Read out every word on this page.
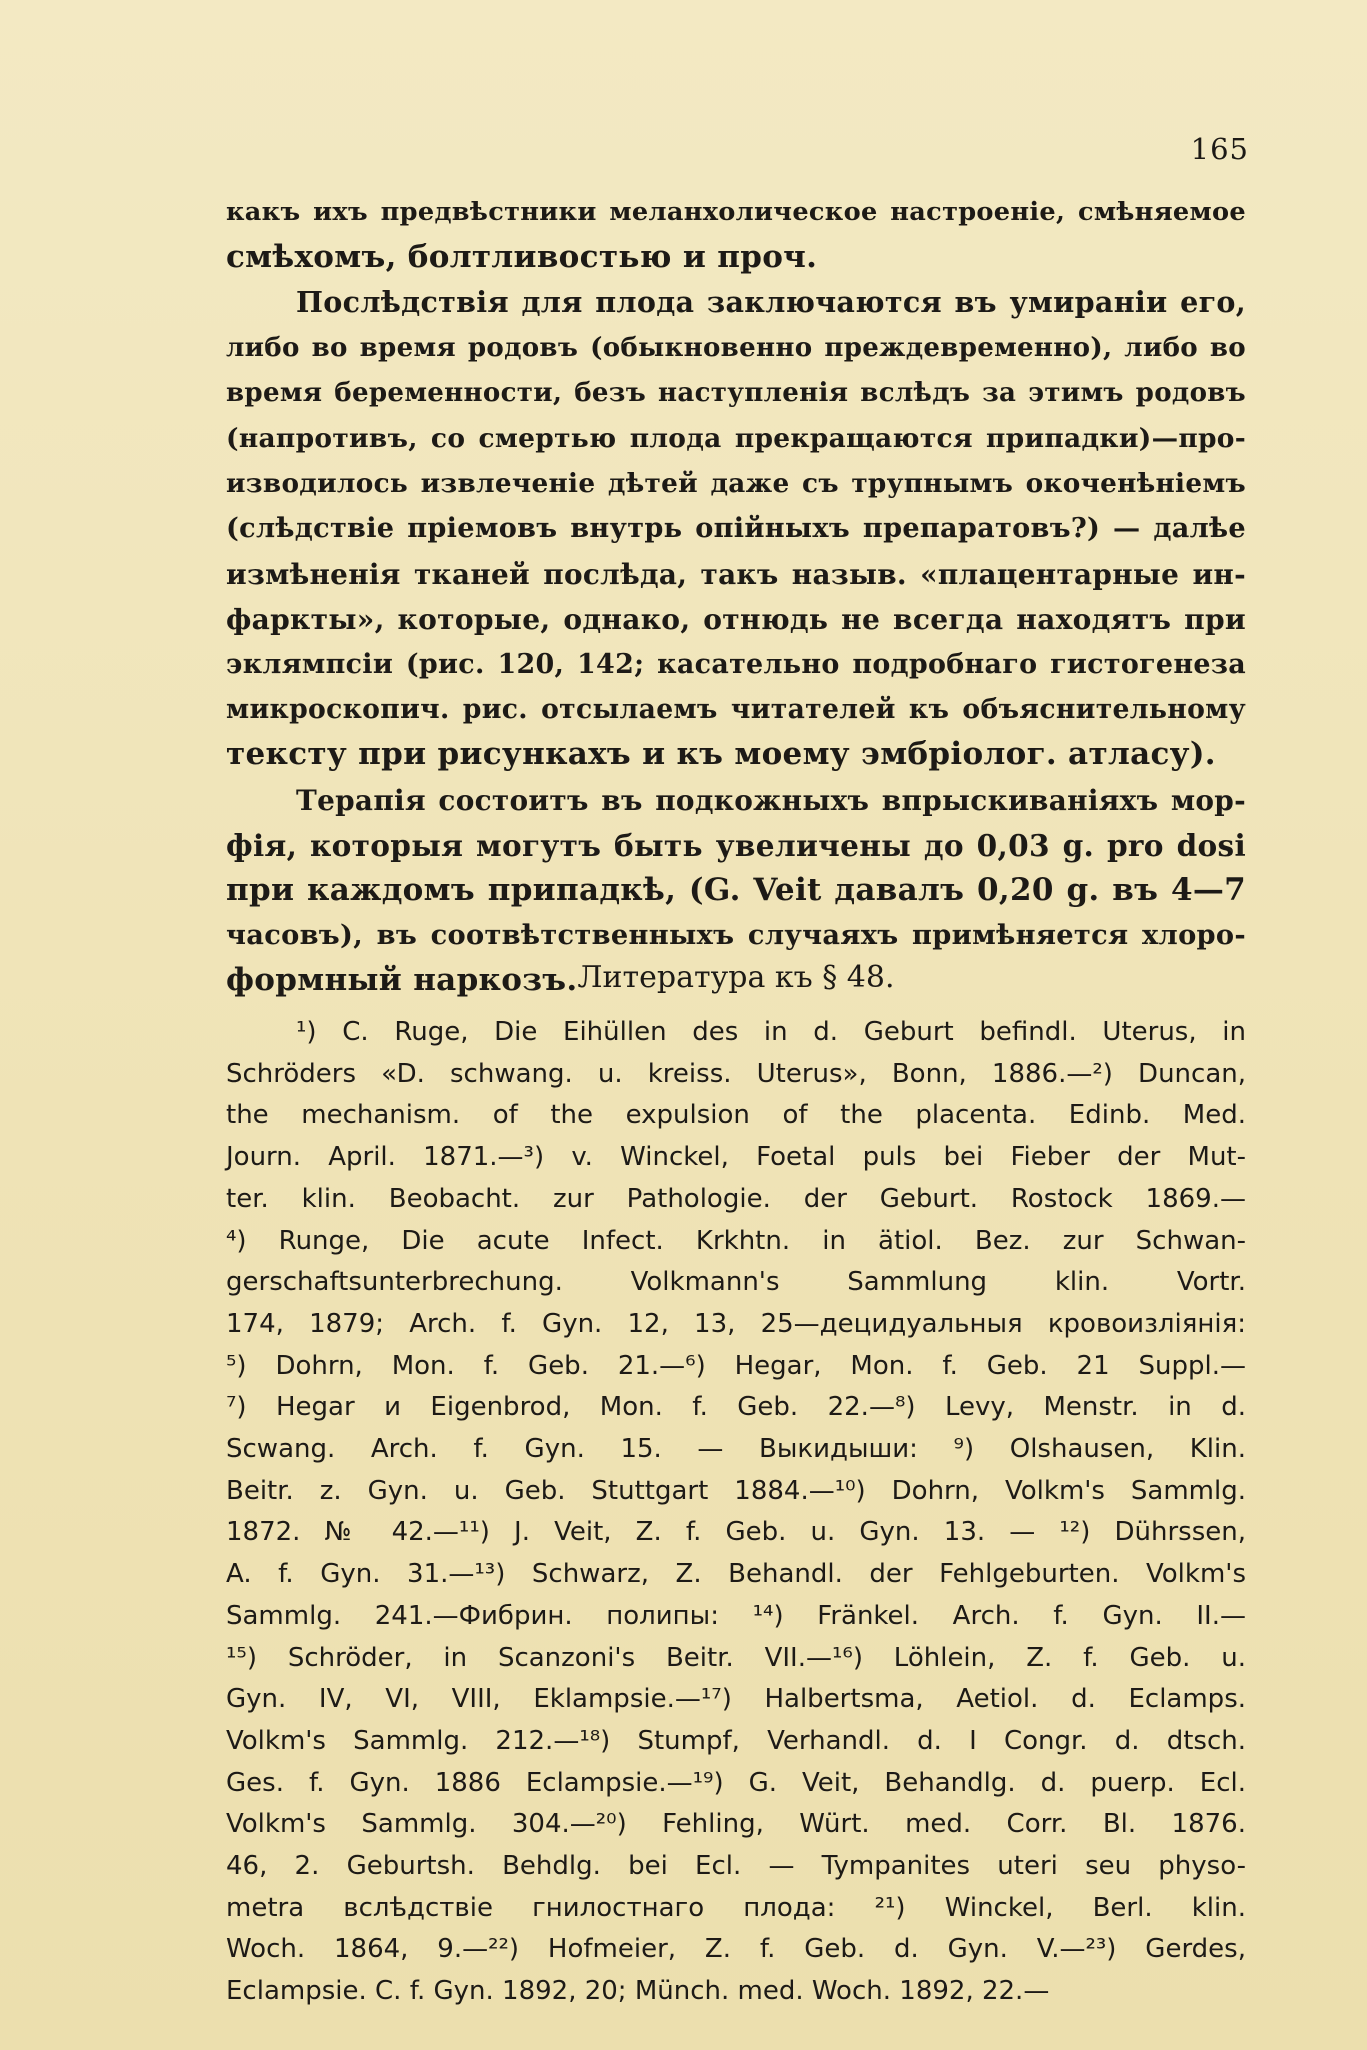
165
какъ ихъ предвѣстники меланхолическое настроеніе, смѣняемое
смѣхомъ, болтливостью и проч.
Послѣдствія для плода заключаются въ умираніи его,
либо во время родовъ (обыкновенно преждевременно), либо во
время беременности, безъ наступленія вслѣдъ за этимъ родовъ
(напротивъ, со смертью плода прекращаются припадки)—про-
изводилось извлеченіе дѣтей даже съ трупнымъ окоченѣніемъ
(слѣдствіе пріемовъ внутрь опійныхъ препаратовъ?) — далѣе
измѣненія тканей послѣда, такъ назыв. «плацентарные ин-
фаркты», которые, однако, отнюдь не всегда находятъ при
эклямпсіи (рис. 120, 142; касательно подробнаго гистогенеза
микроскопич. рис. отсылаемъ читателей къ объяснительному
тексту при рисункахъ и къ моему эмбріолог. атласу).
Терапія состоитъ въ подкожныхъ впрыскиваніяхъ мор-
фія, которыя могутъ быть увеличены до 0,03 g. pro dosi
при каждомъ припадкѣ, (G. Veit давалъ 0,20 g. въ 4—7
часовъ), въ соотвѣтственныхъ случаяхъ примѣняется хлоро-
формный наркозъ. Литература къ § 48.
¹) C. Ruge, Die Eihüllen des in d. Geburt befindl. Uterus, in
Schröders «D. schwang. u. kreiss. Uterus», Bonn, 1886.—²) Duncan,
the mechanism. of the expulsion of the placenta. Edinb. Med.
Journ. April. 1871.—³) v. Winckel, Foetal puls bei Fieber der Mut-
ter. klin. Beobacht. zur Pathologie. der Geburt. Rostock 1869.—
⁴) Runge, Die acute Infect. Krkhtn. in ätiol. Bez. zur Schwan-
gerschaftsunterbrechung. Volkmann's Sammlung klin. Vortr.
174, 1879; Arch. f. Gyn. 12, 13, 25—децидуальныя кровоизліянія:
⁵) Dohrn, Mon. f. Geb. 21.—⁶) Hegar, Mon. f. Geb. 21 Suppl.—
⁷) Hegar и Eigenbrod, Mon. f. Geb. 22.—⁸) Levy, Menstr. in d.
Scwang. Arch. f. Gyn. 15. — Выкидыши: ⁹) Olshausen, Klin.
Beitr. z. Gyn. u. Geb. Stuttgart 1884.—¹⁰) Dohrn, Volkm's Sammlg.
1872. № 42.—¹¹) J. Veit, Z. f. Geb. u. Gyn. 13. — ¹²) Dührssen,
A. f. Gyn. 31.—¹³) Schwarz, Z. Behandl. der Fehlgeburten. Volkm's
Sammlg. 241.—Фибрин. полипы: ¹⁴) Fränkel. Arch. f. Gyn. II.—
¹⁵) Schröder, in Scanzoni's Beitr. VII.—¹⁶) Löhlein, Z. f. Geb. u.
Gyn. IV, VI, VIII, Eklampsie.—¹⁷) Halbertsma, Aetiol. d. Eclamps.
Volkm's Sammlg. 212.—¹⁸) Stumpf, Verhandl. d. I Congr. d. dtsch.
Ges. f. Gyn. 1886 Eclampsie.—¹⁹) G. Veit, Behandlg. d. puerp. Ecl.
Volkm's Sammlg. 304.—²⁰) Fehling, Würt. med. Corr. Bl. 1876.
46, 2. Geburtsh. Behdlg. bei Ecl. — Tympanites uteri seu physo-
metra вслѣдствіе гнилостнаго плода: ²¹) Winckel, Berl. klin.
Woch. 1864, 9.—²²) Hofmeier, Z. f. Geb. d. Gyn. V.—²³) Gerdes,
Eclampsie. C. f. Gyn. 1892, 20; Münch. med. Woch. 1892, 22.—
